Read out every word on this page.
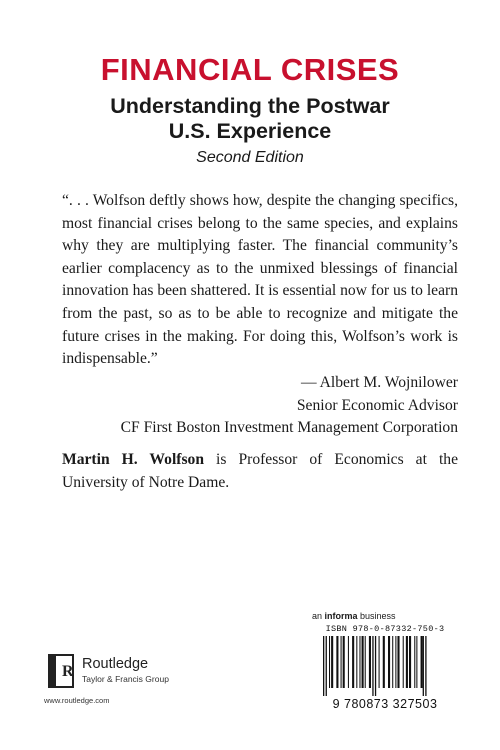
FINANCIAL CRISES
Understanding the Postwar
U.S. Experience
Second Edition

“. . . Wolfson deftly shows how, despite the changing specifics, most financial crises belong to the same species, and explains why they are multiplying faster. The financial community’s earlier complacency as to the unmixed blessings of financial innovation has been shattered. It is essential now for us to learn from the past, so as to be able to recognize and mitigate the future crises in the making. For doing this, Wolfson’s work is indispensable.”

— Albert M. Wojnilower
Senior Economic Advisor
CF First Boston Investment Management Corporation
Martin H. Wolfson is Professor of Economics at the University of Notre Dame.
an informa business
ISBN 978-0-87332-750-3
9 780873 327503
R Routledge
Taylor & Francis Group
www.routledge.com
